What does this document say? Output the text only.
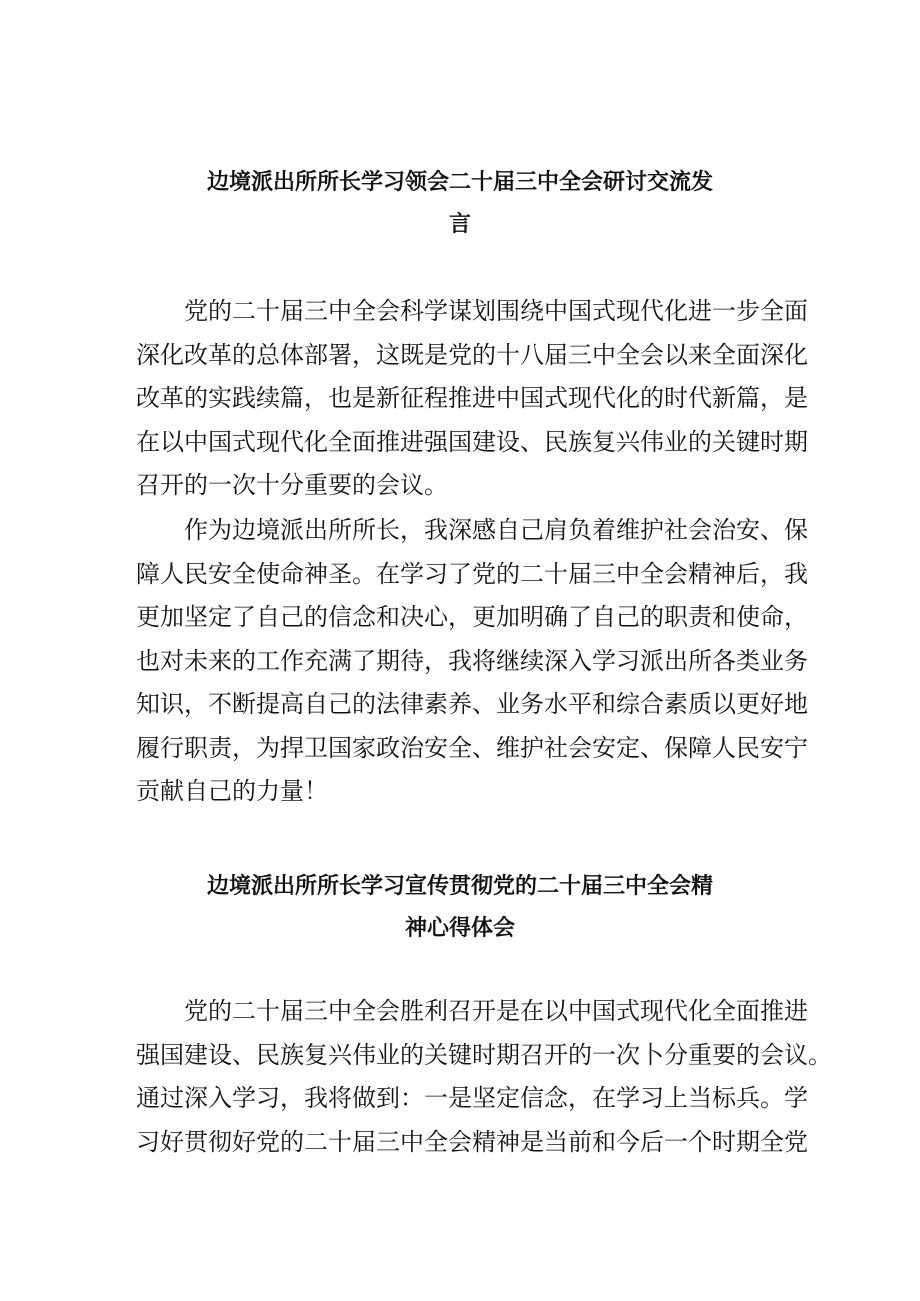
边境派出所所长学习领会二十届三中全会研讨交流发
言

党的二十届三中全会科学谋划围绕中国式现代化进一步全面
深化改革的总体部署，这既是党的十八届三中全会以来全面深化
改革的实践续篇，也是新征程推进中国式现代化的时代新篇，是
在以中国式现代化全面推进强国建设、民族复兴伟业的关键时期
召开的一次十分重要的会议。

作为边境派出所所长，我深感自己肩负着维护社会治安、保
障人民安全使命神圣。在学习了党的二十届三中全会精神后，我
更加坚定了自己的信念和决心，更加明确了自己的职责和使命，
也对未来的工作充满了期待，我将继续深入学习派出所各类业务
知识，不断提高自己的法律素养、业务水平和综合素质以更好地
履行职责，为捍卫国家政治安全、维护社会安定、保障人民安宁
贡献自己的力量！

边境派出所所长学习宣传贯彻党的二十届三中全会精
神心得体会

党的二十届三中全会胜利召开是在以中国式现代化全面推进
强国建设、民族复兴伟业的关键时期召开的一次卜分重要的会议。
通过深入学习，我将做到：一是坚定信念，在学习上当标兵。学
习好贯彻好党的二十届三中全会精神是当前和今后一个时期全党
